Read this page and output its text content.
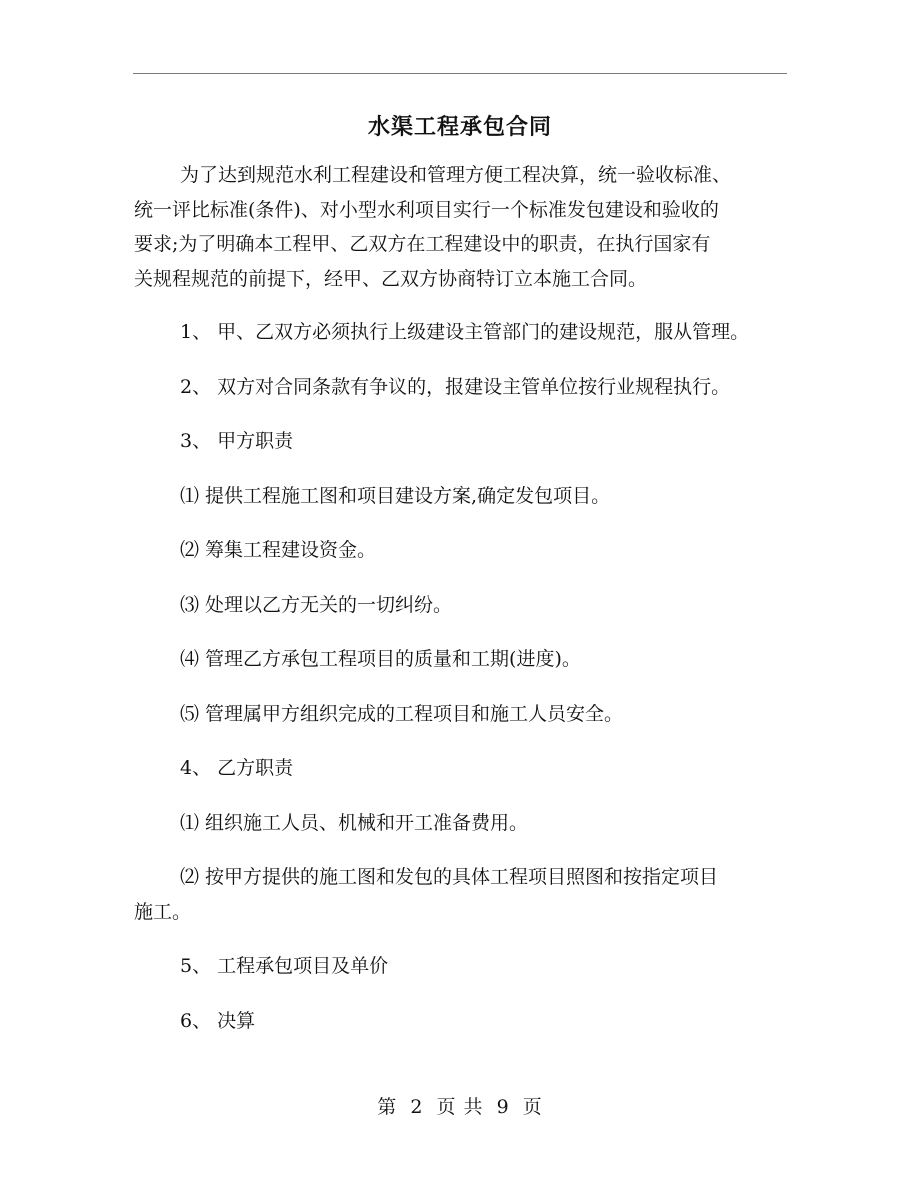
水渠工程承包合同

为了达到规范水利工程建设和管理方便工程决算，统一验收标准、
统一评比标准(条件)、对小型水利项目实行一个标准发包建设和验收的
要求;为了明确本工程甲、乙双方在工程建设中的职责，在执行国家有
关规程规范的前提下，经甲、乙双方协商特订立本施工合同。

1、 甲、乙双方必须执行上级建设主管部门的建设规范，服从管理。

2、 双方对合同条款有争议的，报建设主管单位按行业规程执行。

3、 甲方职责

⑴ 提供工程施工图和项目建设方案,确定发包项目。

⑵ 筹集工程建设资金。

⑶ 处理以乙方无关的一切纠纷。

⑷ 管理乙方承包工程项目的质量和工期(进度)。

⑸ 管理属甲方组织完成的工程项目和施工人员安全。

4、 乙方职责

⑴ 组织施工人员、机械和开工准备费用。

⑵ 按甲方提供的施工图和发包的具体工程项目照图和按指定项目
施工。

5、 工程承包项目及单价

6、 决算

第 2 页 共 9 页
